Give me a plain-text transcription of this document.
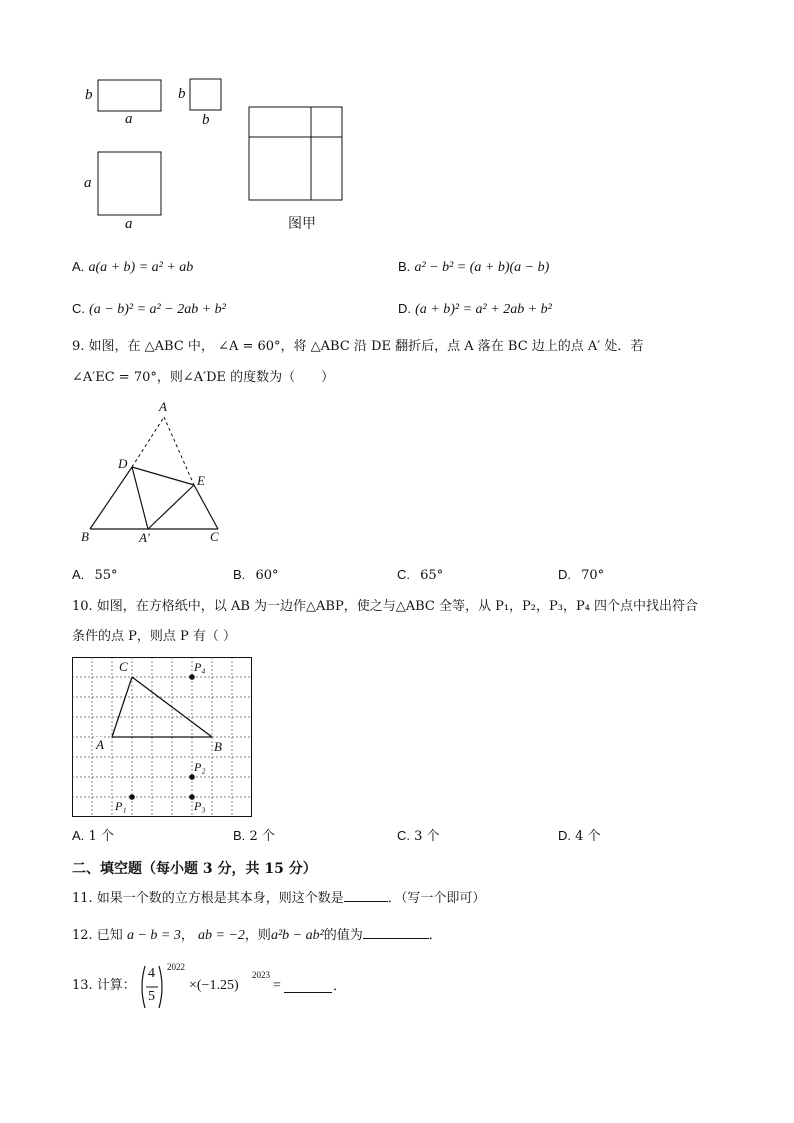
b
a
b
b
a
a	图甲
A. a(a + b) = a² + ab	B. a² − b² = (a + b)(a − b)
C. (a − b)² = a² − 2ab + b²	D. (a + b)² = a² + 2ab + b²
9. 如图，在 △ABC 中， ∠A = 60°，将 △ABC 沿 DE 翻折后，点 A 落在 BC 边上的点 A′ 处．若
∠A′EC = 70°，则∠A′DE 的度数为（　　）
A
D
E
B	A′	C
A. 55°	B. 60°	C. 65°	D. 70°
10. 如图，在方格纸中，以 AB 为一边作△ABP，使之与△ABC 全等，从 P₁，P₂，P₃，P₄ 四个点中找出符合
条件的点 P，则点 P 有（ ）
C
A	B
P₄
P₂
P₃
P₁
A. 1 个	B. 2 个	C. 3 个	D. 4 个
二、填空题（每小题 3 分，共 15 分）
11. 如果一个数的立方根是其本身，则这个数是	．（写一个即可）
12. 已知 a − b = 3， ab = −2，则a²b − ab²的值为	．
13. 计算：
4
5
2022
×(−1.25)
2023
=	．
